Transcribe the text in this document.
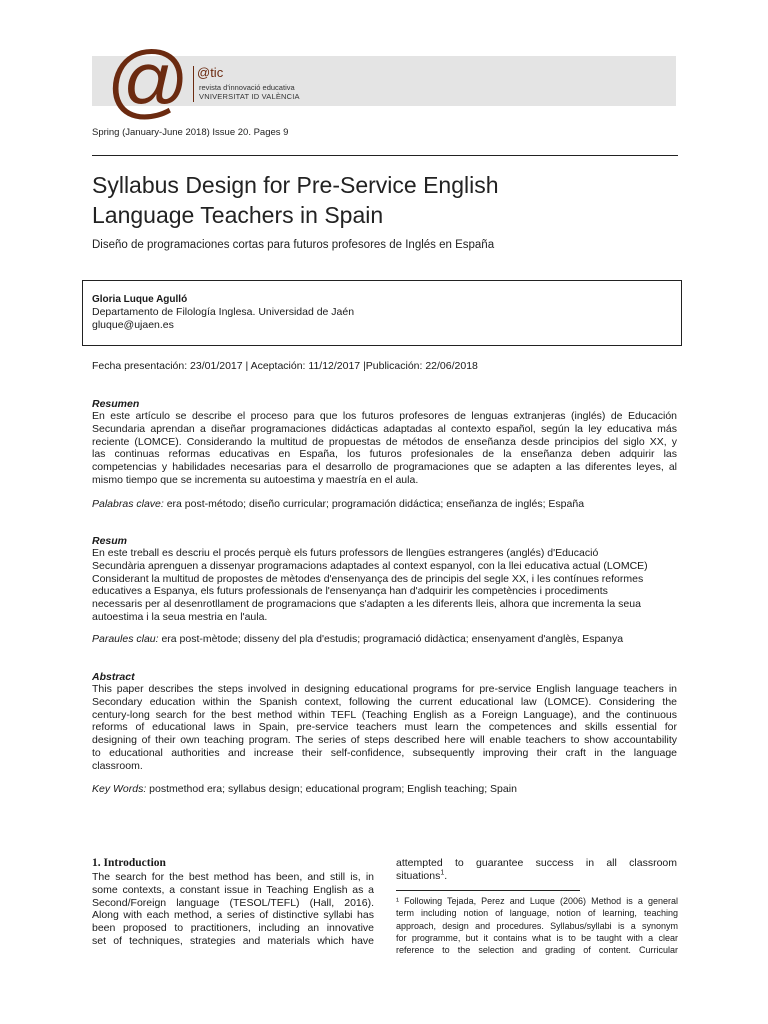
@ @tic
revista d'innovació educativa
VNIVERSITAT ID VALÈNCIA
Spring (January-June 2018) Issue 20. Pages 9
Syllabus Design for Pre-Service English
Language Teachers in Spain
Diseño de programaciones cortas para futuros profesores de Inglés en España
Gloria Luque Agulló
Departamento de Filología Inglesa. Universidad de Jaén
gluque@ujaen.es
Fecha presentación: 23/01/2017 | Aceptación: 11/12/2017 |Publicación: 22/06/2018
Resumen
En este artículo se describe el proceso para que los futuros profesores de lenguas extranjeras (inglés) de Educación
Secundaria aprendan a diseñar programaciones didácticas adaptadas al contexto español, según la ley educativa más
reciente (LOMCE). Considerando la multitud de propuestas de métodos de enseñanza desde principios del siglo XX, y
las continuas reformas educativas en España, los futuros profesionales de la enseñanza deben adquirir las
competencias y habilidades necesarias para el desarrollo de programaciones que se adapten a las diferentes leyes, al
mismo tiempo que se incrementa su autoestima y maestría en el aula.
Palabras clave: era post-método; diseño curricular; programación didáctica; enseñanza de inglés; España
Resum
En este treball es descriu el procés perquè els futurs professors de llengües estrangeres (anglés) d'Educació
Secundària aprenguen a dissenyar programacions adaptades al context espanyol, con la llei educativa actual (LOMCE)
Considerant la multitud de propostes de mètodes d'ensenyança des de principis del segle XX, i les contínues reformes
educatives a Espanya, els futurs professionals de l'ensenyança han d'adquirir les competències i procediments
necessaris per al desenrotllament de programacions que s'adapten a les diferents lleis, alhora que incrementa la seua
autoestima i la seua mestria en l'aula.
Paraules clau: era post-mètode; disseny del pla d'estudis; programació didàctica; ensenyament d'anglès, Espanya
Abstract
This paper describes the steps involved in designing educational programs for pre-service English language teachers in
Secondary education within the Spanish context, following the current educational law (LOMCE). Considering the
century-long search for the best method within TEFL (Teaching English as a Foreign Language), and the continuous
reforms of educational laws in Spain, pre-service teachers must learn the competences and skills essential for
designing of their own teaching program. The series of steps described here will enable teachers to show accountability
to educational authorities and increase their self-confidence, subsequently improving their craft in the language
classroom.
Key Words: postmethod era; syllabus design; educational program; English teaching; Spain
1. Introduction
The search for the best method has been, and still is, in
some contexts, a constant issue in Teaching English as a
Second/Foreign language (TESOL/TEFL) (Hall, 2016).
Along with each method, a series of distinctive syllabi has
been proposed to practitioners, including an innovative
set of techniques, strategies and materials which have
attempted to guarantee success in all classroom
situations$^1$.
¹ Following Tejada, Perez and Luque (2006) Method is a general
term including notion of language, notion of learning, teaching
approach, design and procedures. Syllabus/syllabi is a synonym
for programme, but it contains what is to be taught with a clear
reference to the selection and grading of content. Curricular
